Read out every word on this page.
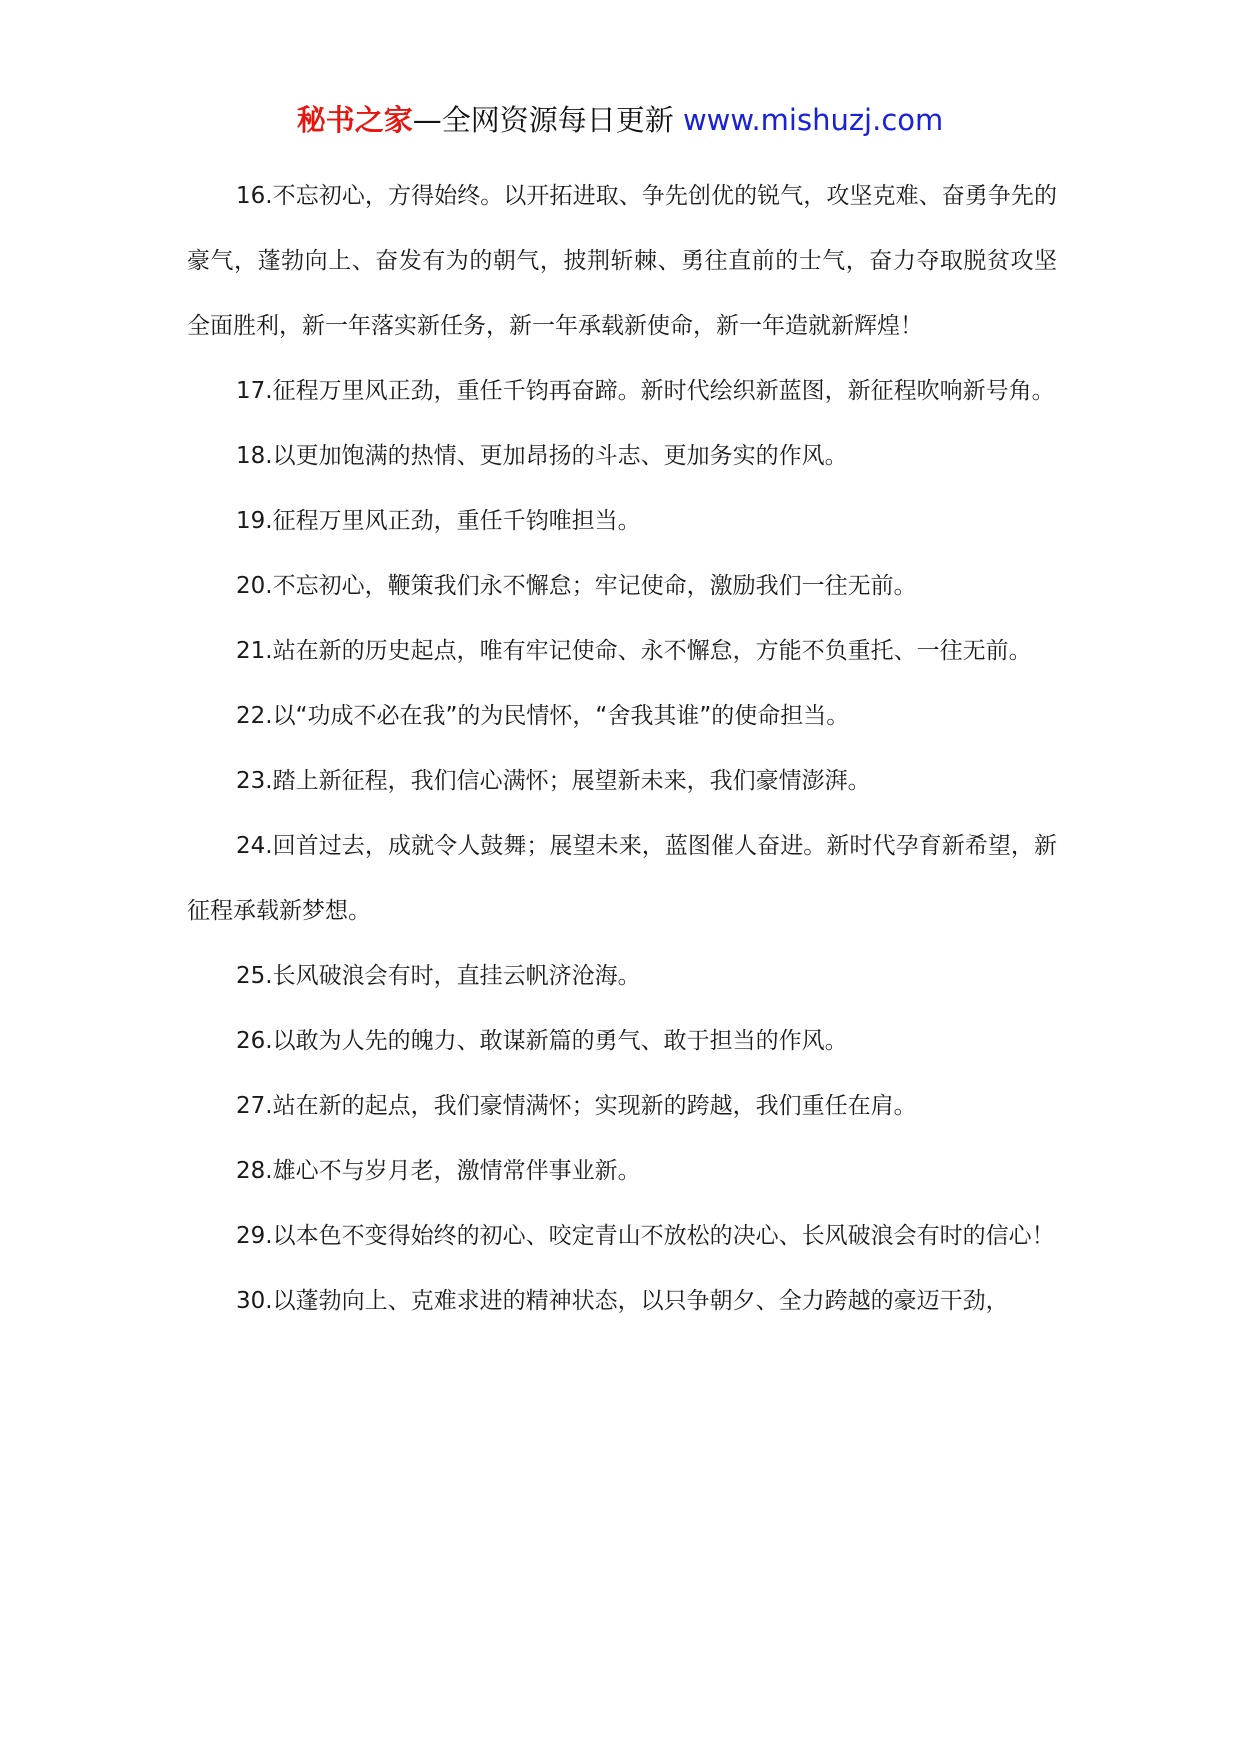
秘书之家—全网资源每日更新 www.mishuzj.com

16.不忘初心，方得始终。以开拓进取、争先创优的锐气，攻坚克难、奋勇争先的豪气，蓬勃向上、奋发有为的朝气，披荆斩棘、勇往直前的士气，奋力夺取脱贫攻坚全面胜利，新一年落实新任务，新一年承载新使命，新一年造就新辉煌！

17.征程万里风正劲，重任千钧再奋蹄。新时代绘织新蓝图，新征程吹响新号角。

18.以更加饱满的热情、更加昂扬的斗志、更加务实的作风。

19.征程万里风正劲，重任千钧唯担当。

20.不忘初心，鞭策我们永不懈怠；牢记使命，激励我们一往无前。

21.站在新的历史起点，唯有牢记使命、永不懈怠，方能不负重托、一往无前。

22.以“功成不必在我”的为民情怀，“舍我其谁”的使命担当。

23.踏上新征程，我们信心满怀；展望新未来，我们豪情澎湃。

24.回首过去，成就令人鼓舞；展望未来，蓝图催人奋进。新时代孕育新希望，新征程承载新梦想。

25.长风破浪会有时，直挂云帆济沧海。

26.以敢为人先的魄力、敢谋新篇的勇气、敢于担当的作风。

27.站在新的起点，我们豪情满怀；实现新的跨越，我们重任在肩。

28.雄心不与岁月老，激情常伴事业新。

29.以本色不变得始终的初心、咬定青山不放松的决心、长风破浪会有时的信心！

30.以蓬勃向上、克难求进的精神状态，以只争朝夕、全力跨越的豪迈干劲，
